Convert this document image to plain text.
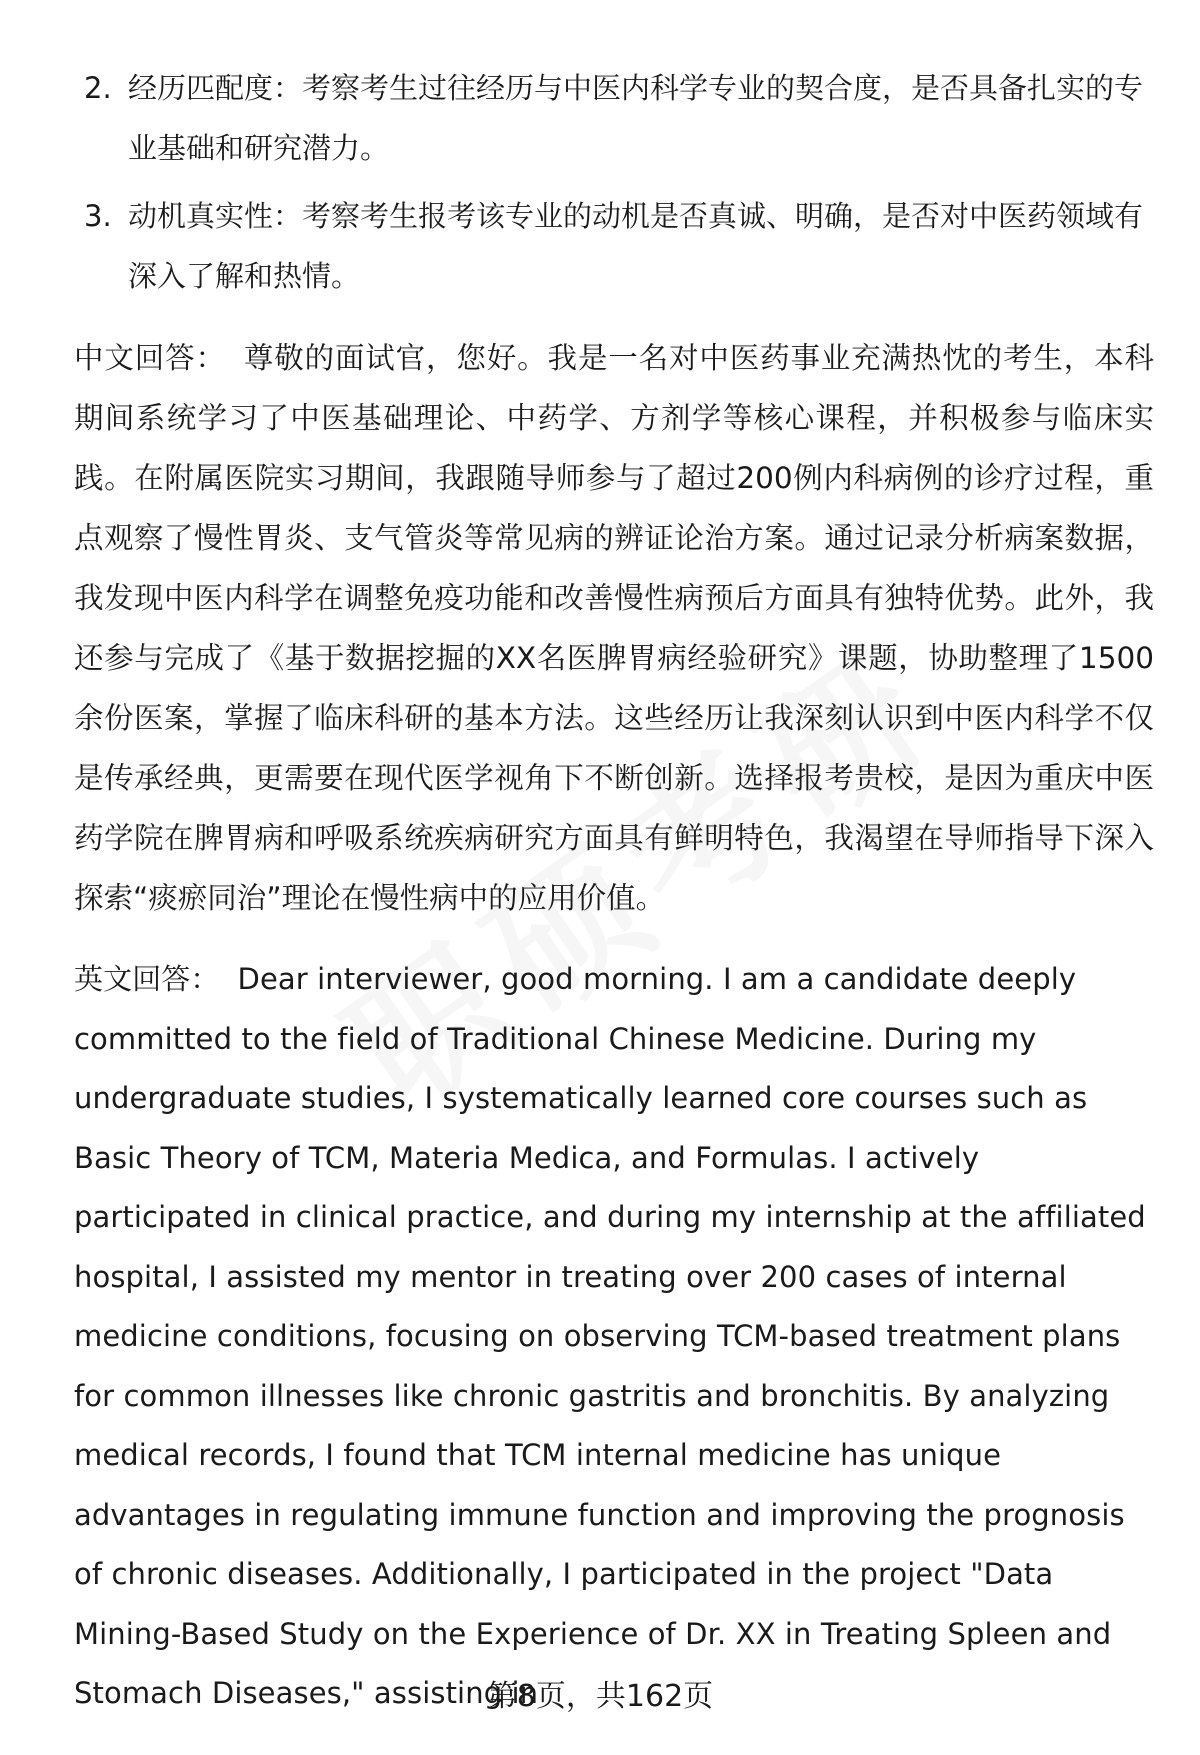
2. 经历匹配度：考察考生过往经历与中医内科学专业的契合度，是否具备扎实的专业基础和研究潜力。
3. 动机真实性：考察考生报考该专业的动机是否真诚、明确，是否对中医药领域有深入了解和热情。

中文回答： 尊敬的面试官，您好。我是一名对中医药事业充满热忱的考生，本科期间系统学习了中医基础理论、中药学、方剂学等核心课程，并积极参与临床实践。在附属医院实习期间，我跟随导师参与了超过200例内科病例的诊疗过程，重点观察了慢性胃炎、支气管炎等常见病的辨证论治方案。通过记录分析病案数据，我发现中医内科学在调整免疫功能和改善慢性病预后方面具有独特优势。此外，我还参与完成了《基于数据挖掘的XX名医脾胃病经验研究》课题，协助整理了1500余份医案，掌握了临床科研的基本方法。这些经历让我深刻认识到中医内科学不仅是传承经典，更需要在现代医学视角下不断创新。选择报考贵校，是因为重庆中医药学院在脾胃病和呼吸系统疾病研究方面具有鲜明特色，我渴望在导师指导下深入探索“痰瘀同治”理论在慢性病中的应用价值。

英文回答： Dear interviewer, good morning. I am a candidate deeply committed to the field of Traditional Chinese Medicine. During my undergraduate studies, I systematically learned core courses such as Basic Theory of TCM, Materia Medica, and Formulas. I actively participated in clinical practice, and during my internship at the affiliated hospital, I assisted my mentor in treating over 200 cases of internal medicine conditions, focusing on observing TCM-based treatment plans for common illnesses like chronic gastritis and bronchitis. By analyzing medical records, I found that TCM internal medicine has unique advantages in regulating immune function and improving the prognosis of chronic diseases. Additionally, I participated in the project "Data Mining-Based Study on the Experience of Dr. XX in Treating Spleen and Stomach Diseases," assisting in

第8页，共162页
